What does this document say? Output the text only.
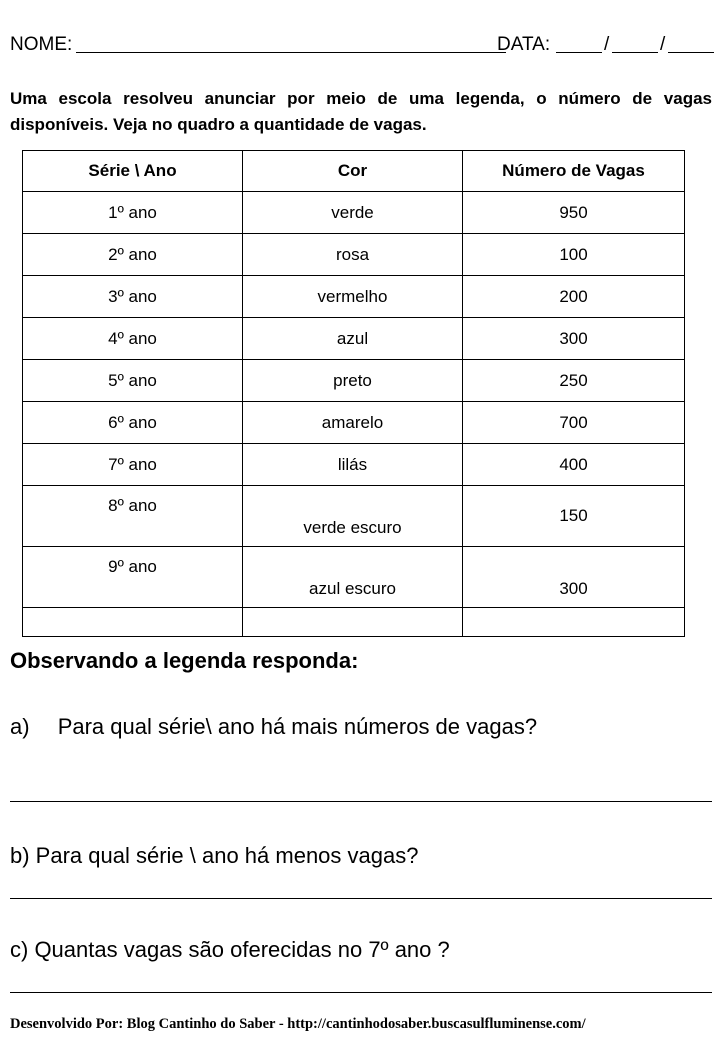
NOME:	DATA:	/	/
Uma escola resolveu anunciar por meio de uma legenda, o número de vagas disponíveis. Veja no quadro a quantidade de vagas.
Série \ Ano	Cor	Número de Vagas
1º ano	verde	950
2º ano	rosa	100
3º ano	vermelho	200
4º ano	azul	300
5º ano	preto	250
6º ano	amarelo	700
7º ano	lilás	400
8º ano	verde escuro	150
9º ano	azul escuro	300

Observando a legenda responda:
a) Para qual série\ ano há mais números de vagas?
b) Para qual série \ ano há menos vagas?
c) Quantas vagas são oferecidas no 7º ano ?
Desenvolvido Por: Blog Cantinho do Saber - http://cantinhodosaber.buscasulfluminense.com/
